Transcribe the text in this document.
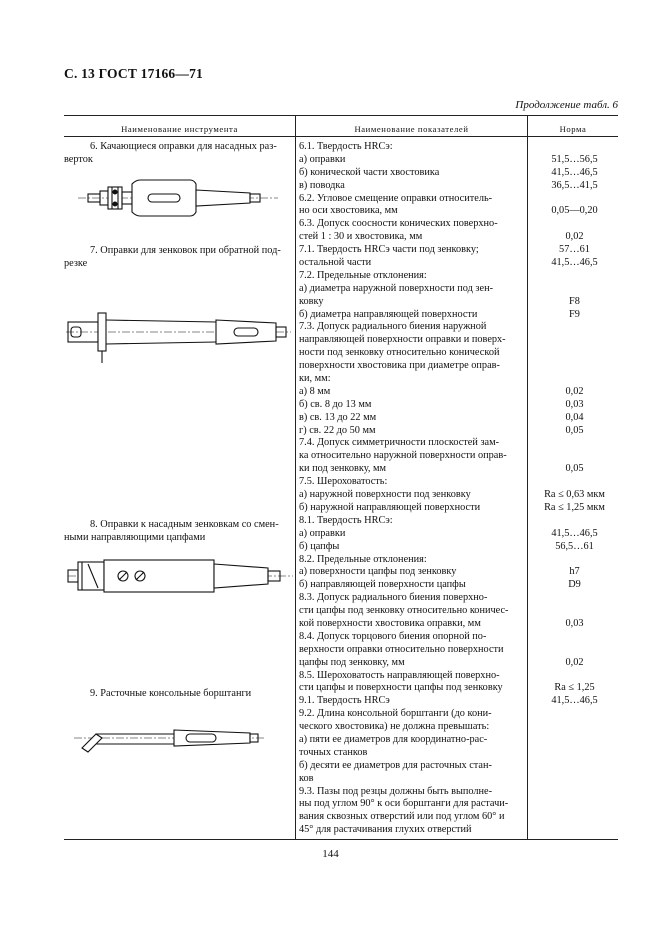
С. 13 ГОСТ 17166—71
Продолжение табл. 6
Наименование инструмента	Наименование показателей	Норма
6. Качающиеся оправки для насадных раз-
верток
7. Оправки для зенковок при обратной под-
резке
8. Оправки к насадным зенковкам со смен-
ными направляющими цапфами
9. Расточные консольные борштанги
6.1. Твердость HRCэ:
а) оправки
б) конической части хвостовика
в) поводка
6.2. Угловое смещение оправки относитель-
но оси хвостовика, мм
6.3. Допуск соосности конических поверхно-
стей 1 : 30 и хвостовика, мм
7.1. Твердость HRCэ части под зенковку;
остальной части
7.2. Предельные отклонения:
а) диаметра наружной поверхности под зен-
ковку
б) диаметра направляющей поверхности
7.3. Допуск радиального биения наружной
направляющей поверхности оправки и поверх-
ности под зенковку относительно конической
поверхности хвостовика при диаметре оправ-
ки, мм:
а) 8 мм
б) св. 8 до 13 мм
в) св. 13 до 22 мм
г) св. 22 до 50 мм
7.4. Допуск симметричности плоскостей зам-
ка относительно наружной поверхности оправ-
ки под зенковку, мм
7.5. Шероховатость:
а) наружной поверхности под зенковку
б) наружной направляющей поверхности
8.1. Твердость HRCэ:
а) оправки
б) цапфы
8.2. Предельные отклонения:
а) поверхности цапфы под зенковку
б) направляющей поверхности цапфы
8.3. Допуск радиального биения поверхно-
сти цапфы под зенковку относительно коничес-
кой поверхности хвостовика оправки, мм
8.4. Допуск торцового биения опорной по-
верхности оправки относительно поверхности
цапфы под зенковку, мм
8.5. Шероховатость направляющей поверхно-
сти цапфы и поверхности цапфы под зенковку
9.1. Твердость HRCэ
9.2. Длина консольной борштанги (до кони-
ческого хвостовика) не должна превышать:
а) пяти ее диаметров для координатно-рас-
точных станков
б) десяти ее диаметров для расточных стан-
ков
9.3. Пазы под резцы должны быть выполне-
ны под углом 90° к оси борштанги для растачи-
вания сквозных отверстий или под углом 60° и
45° для растачивания глухих отверстий
51,5…56,5
41,5…46,5
36,5…41,5
0,05—0,20
0,02
57…61
41,5…46,5
F8
F9
0,02
0,03
0,04
0,05
0,05
Ra ≤ 0,63 мкм
Ra ≤ 1,25 мкм
41,5…46,5
56,5…61
h7
D9
0,03
0,02
Ra ≤ 1,25
41,5…46,5
144
